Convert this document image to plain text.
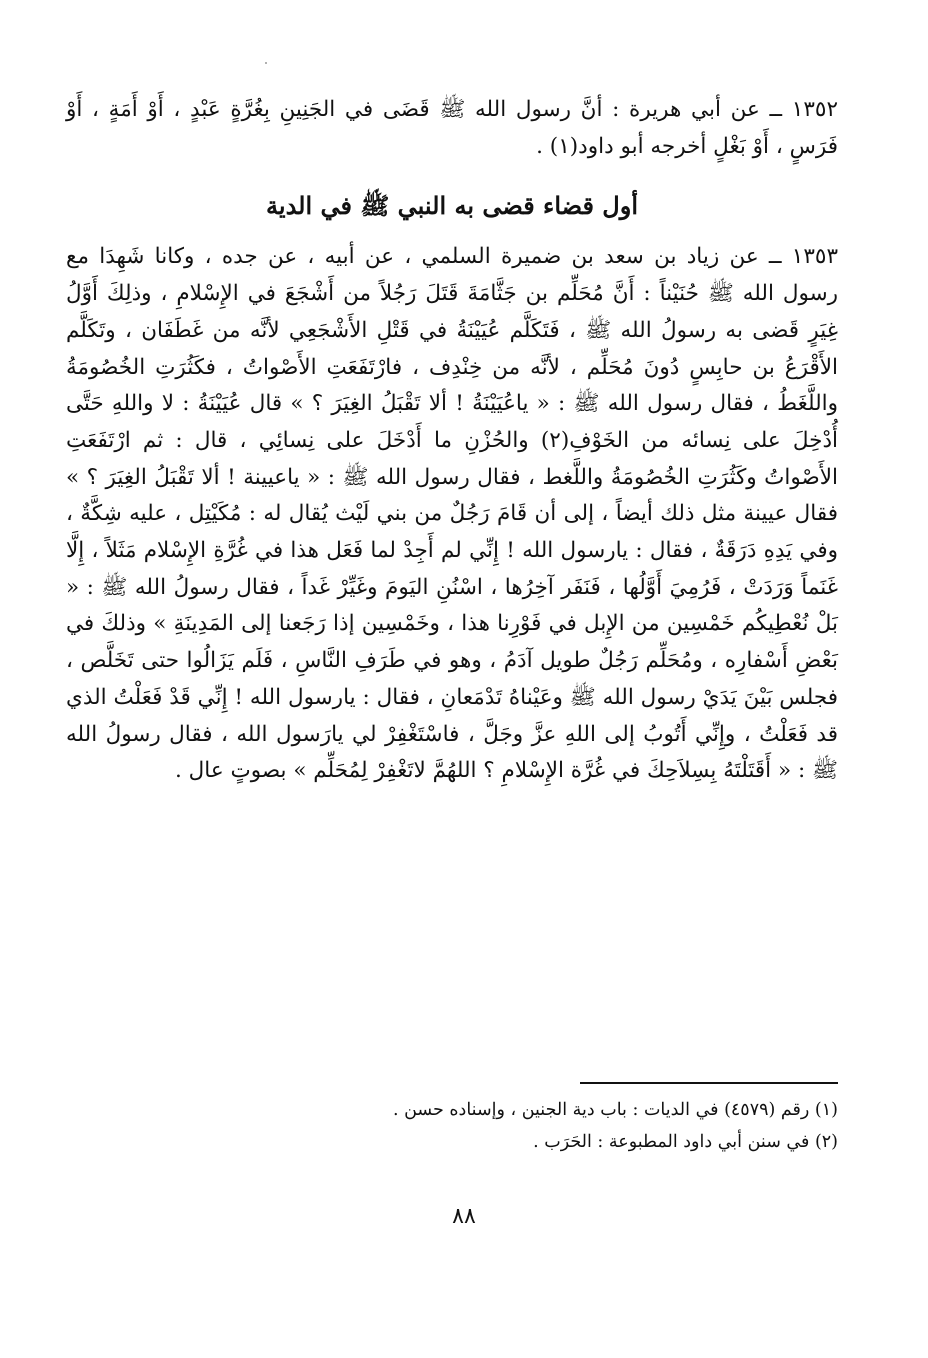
١٣٥٢ ــ عن أبي هريرة : أنَّ رسول الله ﷺ قَضَى في الجَنِينِ بِغُرَّةٍ عَبْدٍ ، أَوْ أَمَةٍ ، أَوْ فَرَسٍ ، أَوْ بَغْلٍ أخرجه أبو داود(١) .

أول قضاء قضى به النبي ﷺ في الدية

١٣٥٣ ــ عن زياد بن سعد بن ضميرة السلمي ، عن أبيه ، عن جده ، وكانا شَهِدَا مع رسول الله ﷺ حُنَيْناً : أَنَّ مُحَلِّم بن جَثَّامَةَ قَتَلَ رَجُلاً من أَشْجَعَ في الإِسْلامِ ، وذلِكَ أَوَّلُ غِيَرٍ قَضى به رسولُ الله ﷺ ، فَتَكَلَّم عُيَيْنَةُ في قَتْلِ الأَشْجَعِي لأنَّه من غَطَفَان ، وتَكَلَّم الأَقْرَعُ بن حابِسٍ دُونَ مُحَلِّم ، لأنَّه من خِنْدِف ، فارْتَفَعَتِ الأَصْواتُ ، فكَثُرَتِ الخُصُومَةُ واللَّغَطُ ، فقال رسول الله ﷺ : « ياعُيَيْنَةُ ! ألا تَقْبَلُ الغِيَرَ ؟ » قال عُيَيْنَةُ : لا واللهِ حَتَّى أُدْخِلَ على نِسائه من الخَوْفِ(٢) والحُزْنِ ما أَدْخَلَ على نِسائِي ، قال : ثم ارْتَفَعَتِ الأَصْواتُ وكَثُرَتِ الخُصُومَةُ واللَّغط ، فقال رسول الله ﷺ : « ياعيينة ! ألا تَقْبَلُ الغِيَرَ ؟ » فقال عيينة مثل ذلك أيضاً ، إلى أن قَامَ رَجُلٌ من بني لَيْث يُقال له : مُكَيْتِل ، عليه شِكَّةٌ ، وفي يَدِهِ دَرَقَةٌ ، فقال : يارسول الله ! إِنِّي لم أَجِدْ لما فَعَل هذا في غُرَّةِ الإِسْلام مَثَلاً ، إِلَّا غَنَماً وَرَدَتْ ، فَرُمِيَ أَوَّلُها ، فَنَفَر آخِرُها ، اسْنُنِ اليَومَ وغَيِّرْ غَداً ، فقال رسولُ الله ﷺ : « بَلْ نُعْطِيكُم خَمْسِين من الإِبل في فَوْرِنا هذا ، وخَمْسِين إذا رَجَعنا إلى المَدِينَةِ » وذلكَ في بَعْضِ أَسْفارِه ، ومُحَلِّم رَجُلٌ طويل آدَمُ ، وهو في طَرَفِ النَّاسِ ، فَلَم يَزَالُوا حتى تَخَلَّص ، فجلس بَيْنَ يَدَيْ رسول الله ﷺ وعَيْناهُ تَدْمَعانِ ، فقال : يارسول الله ! إِنِّي قَدْ فَعَلْتُ الذي قد فَعَلْتُ ، وإِنِّي أَتُوبُ إلى اللهِ عزَّ وجَلَّ ، فاسْتَغْفِرْ لي يارَسول الله ، فقال رسولُ الله ﷺ : « أَقَتَلْتَهُ بِسِلاَحِكَ في غُرَّة الإِسْلامِ ؟ اللهُمَّ لاتَغْفِرْ لِمُحَلِّم » بصوتٍ عال .

(١) رقم (٤٥٧٩) في الديات : باب دية الجنين ، وإسناده حسن .

(٢) في سنن أبي داود المطبوعة : الحَرَب .

٨٨
